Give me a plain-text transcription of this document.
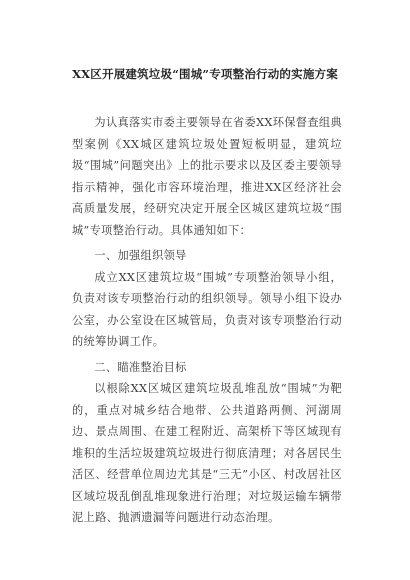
XX区开展建筑垃圾“围城”专项整治行动的实施方案

为认真落实市委主要领导在省委XX环保督查组典型案例《XX城区建筑垃圾处置短板明显，建筑垃圾“围城”问题突出》上的批示要求以及区委主要领导指示精神，强化市容环境治理，推进XX区经济社会高质量发展，经研究决定开展全区城区建筑垃圾“围城”专项整治行动。具体通知如下：

一、加强组织领导

成立XX区建筑垃圾“围城”专项整治领导小组，负责对该专项整治行动的组织领导。领导小组下设办公室，办公室设在区城管局，负责对该专项整治行动的统筹协调工作。

二、瞄准整治目标

以根除XX区城区建筑垃圾乱堆乱放“围城”为靶的，重点对城乡结合地带、公共道路两侧、河湖周边、景点周围、在建工程附近、高架桥下等区域现有堆积的生活垃圾建筑垃圾进行彻底清理；对各居民生活区、经营单位周边尤其是“三无”小区、村改居社区区域垃圾乱倒乱堆现象进行治理；对垃圾运输车辆带泥上路、抛洒遗漏等问题进行动态治理。
